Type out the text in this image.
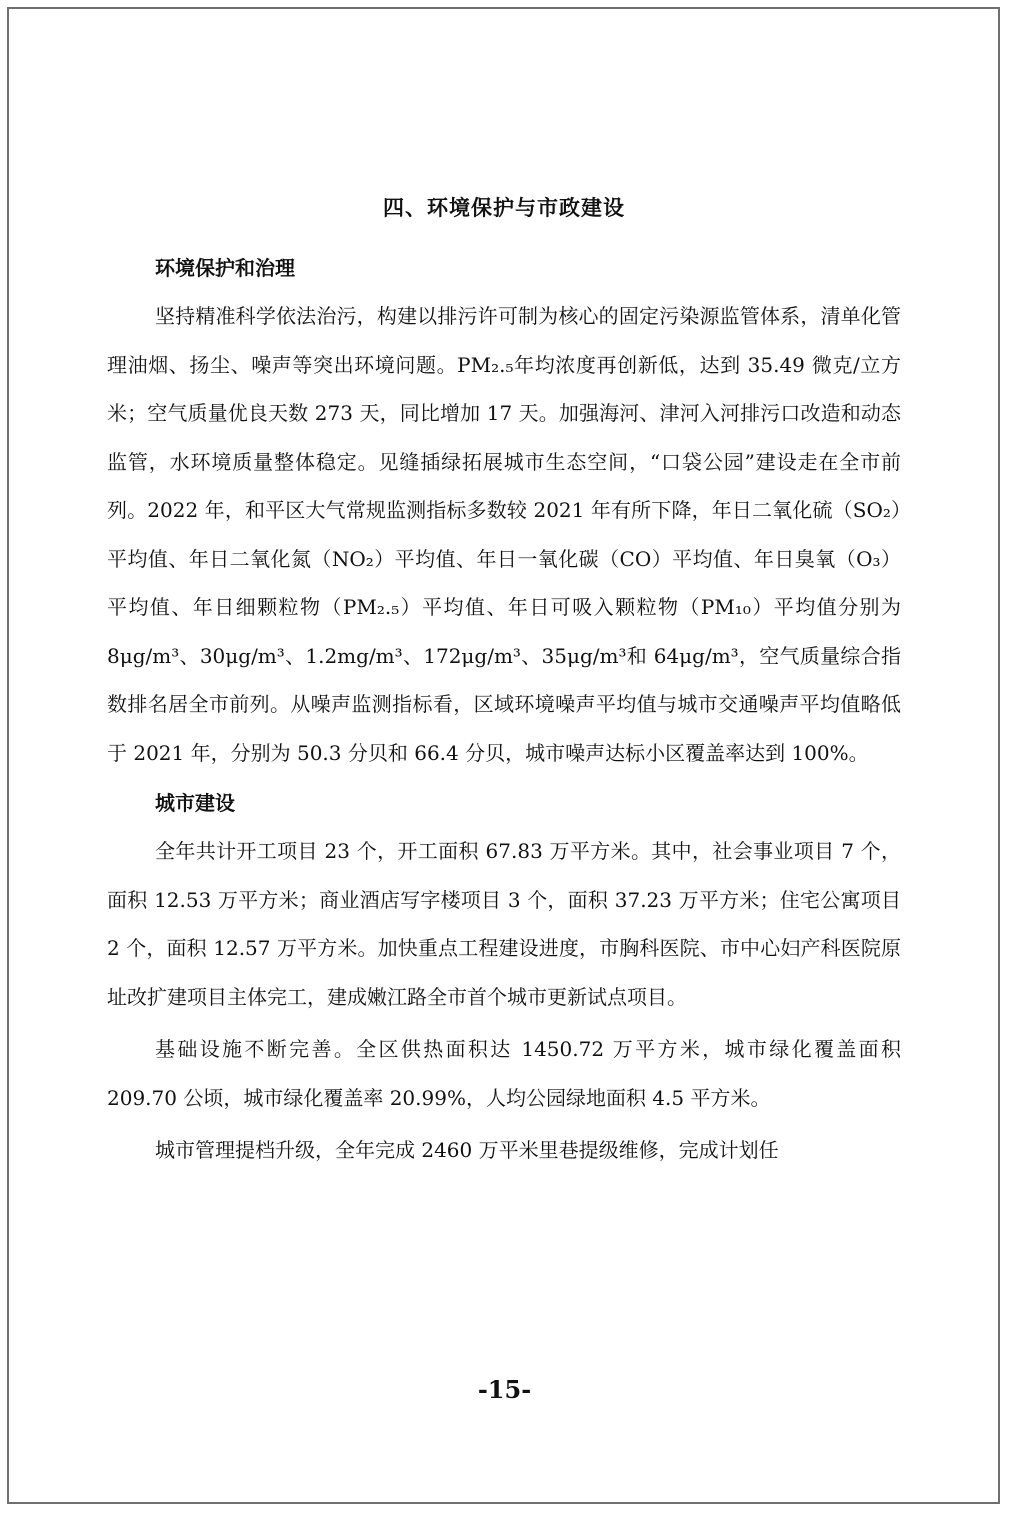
四、环境保护与市政建设
环境保护和治理

坚持精准科学依法治污，构建以排污许可制为核心的固定污染源监管体系，清单化管理油烟、扬尘、噪声等突出环境问题。PM₂.₅年均浓度再创新低，达到 35.49 微克/立方米；空气质量优良天数 273 天，同比增加 17 天。加强海河、津河入河排污口改造和动态监管，水环境质量整体稳定。见缝插绿拓展城市生态空间，“口袋公园”建设走在全市前列。2022 年，和平区大气常规监测指标多数较 2021 年有所下降，年日二氧化硫（SO₂）平均值、年日二氧化氮（NO₂）平均值、年日一氧化碳（CO）平均值、年日臭氧（O₃）平均值、年日细颗粒物（PM₂.₅）平均值、年日可吸入颗粒物（PM₁₀）平均值分别为 8μg/m³、30μg/m³、1.2mg/m³、172μg/m³、35μg/m³和 64μg/m³，空气质量综合指数排名居全市前列。从噪声监测指标看，区域环境噪声平均值与城市交通噪声平均值略低于 2021 年，分别为 50.3 分贝和 66.4 分贝，城市噪声达标小区覆盖率达到 100%。

城市建设

全年共计开工项目 23 个，开工面积 67.83 万平方米。其中，社会事业项目 7 个，面积 12.53 万平方米；商业酒店写字楼项目 3 个，面积 37.23 万平方米；住宅公寓项目 2 个，面积 12.57 万平方米。加快重点工程建设进度，市胸科医院、市中心妇产科医院原址改扩建项目主体完工，建成嫩江路全市首个城市更新试点项目。

基础设施不断完善。全区供热面积达 1450.72 万平方米，城市绿化覆盖面积 209.70 公顷，城市绿化覆盖率 20.99%，人均公园绿地面积 4.5 平方米。

城市管理提档升级，全年完成 2460 万平米里巷提级维修，完成计划任

-15-
